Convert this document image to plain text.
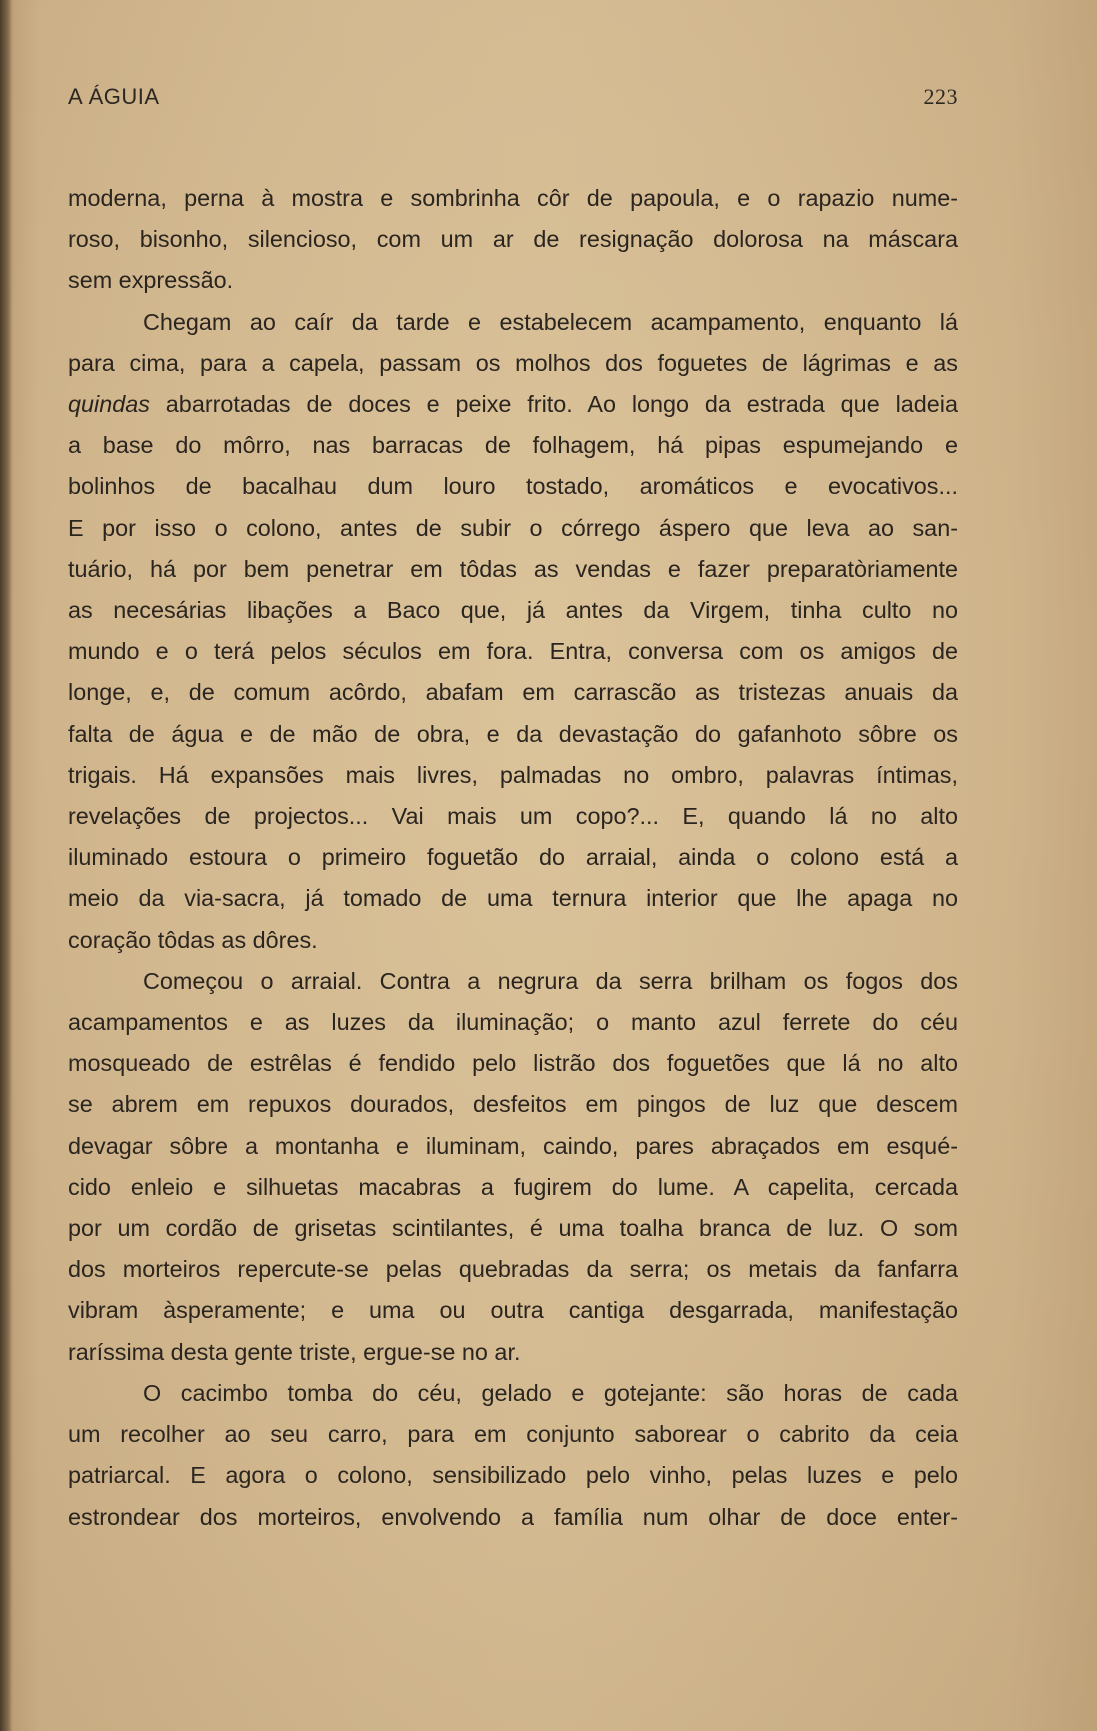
A ÁGUIA	223

moderna, perna à mostra e sombrinha côr de papoula, e o rapazio nume-
roso, bisonho, silencioso, com um ar de resignação dolorosa na máscara
sem expressão.

Chegam ao caír da tarde e estabelecem acampamento, enquanto lá
para cima, para a capela, passam os molhos dos foguetes de lágrimas e as
quindas abarrotadas de doces e peixe frito. Ao longo da estrada que ladeia
a base do môrro, nas barracas de folhagem, há pipas espumejando e
bolinhos de bacalhau dum louro tostado, aromáticos e evocativos...
E por isso o colono, antes de subir o córrego áspero que leva ao san-
tuário, há por bem penetrar em tôdas as vendas e fazer preparatòriamente
as necesárias libações a Baco que, já antes da Virgem, tinha culto no
mundo e o terá pelos séculos em fora. Entra, conversa com os amigos de
longe, e, de comum acôrdo, abafam em carrascão as tristezas anuais da
falta de água e de mão de obra, e da devastação do gafanhoto sôbre os
trigais. Há expansões mais livres, palmadas no ombro, palavras íntimas,
revelações de projectos... Vai mais um copo?... E, quando lá no alto
iluminado estoura o primeiro foguetão do arraial, ainda o colono está a
meio da via-sacra, já tomado de uma ternura interior que lhe apaga no
coração tôdas as dôres.

Começou o arraial. Contra a negrura da serra brilham os fogos dos
acampamentos e as luzes da iluminação; o manto azul ferrete do céu
mosqueado de estrêlas é fendido pelo listrão dos foguetões que lá no alto
se abrem em repuxos dourados, desfeitos em pingos de luz que descem
devagar sôbre a montanha e iluminam, caindo, pares abraçados em esqué-
cido enleio e silhuetas macabras a fugirem do lume. A capelita, cercada
por um cordão de grisetas scintilantes, é uma toalha branca de luz. O som
dos morteiros repercute-se pelas quebradas da serra; os metais da fanfarra
vibram àsperamente; e uma ou outra cantiga desgarrada, manifestação
raríssima desta gente triste, ergue-se no ar.

O cacimbo tomba do céu, gelado e gotejante: são horas de cada
um recolher ao seu carro, para em conjunto saborear o cabrito da ceia
patriarcal. E agora o colono, sensibilizado pelo vinho, pelas luzes e pelo
estrondear dos morteiros, envolvendo a família num olhar de doce enter-
